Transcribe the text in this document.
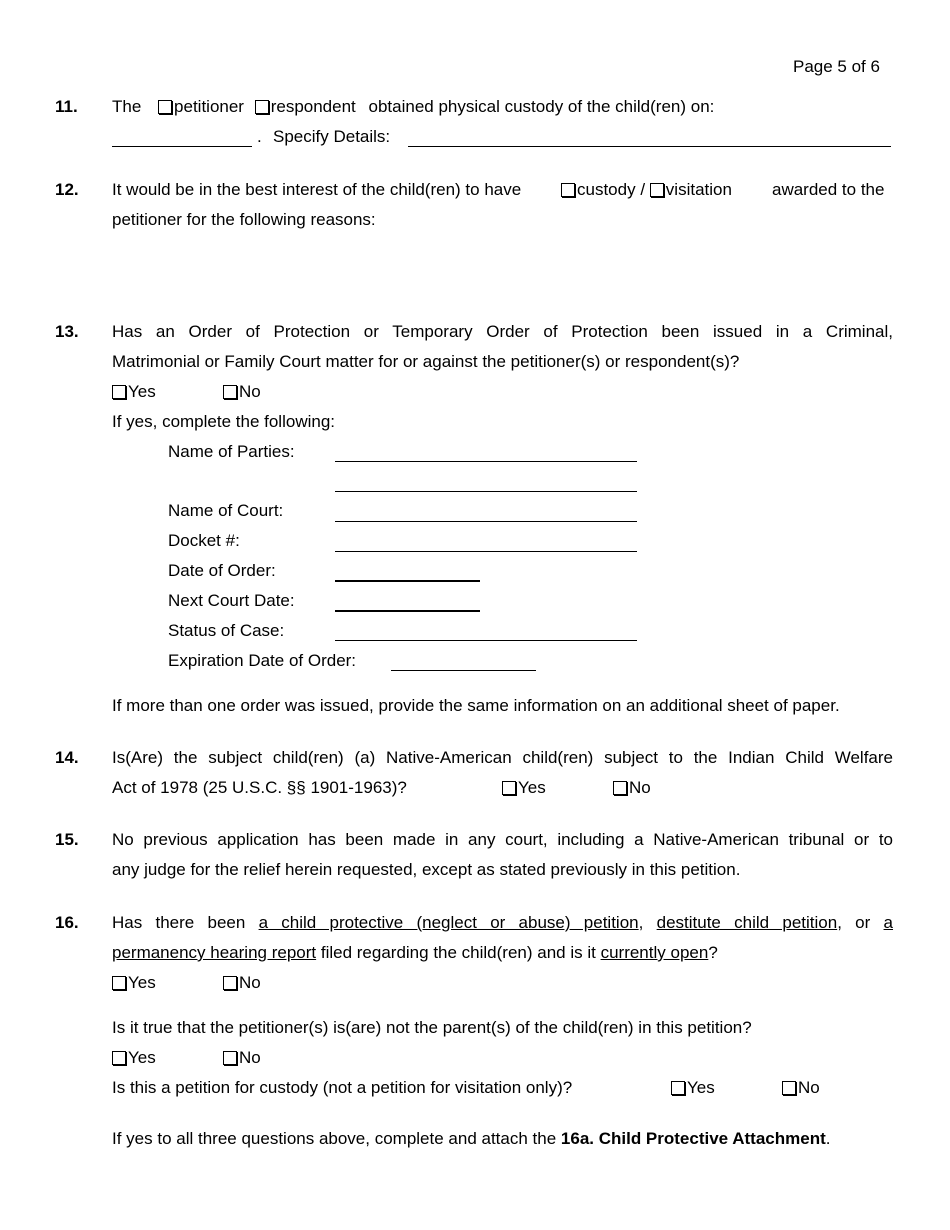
Page 5 of 6
11. The petitioner respondent obtained physical custody of the child(ren) on:
. Specify Details:
12. It would be in the best interest of the child(ren) to have	custody / visitation awarded to the
petitioner for the following reasons:
13. Has an Order of Protection or Temporary Order of Protection been issued in a Criminal,
Matrimonial or Family Court matter for or against the petitioner(s) or respondent(s)?
Yes	No
If yes, complete the following:
Name of Parties:
Name of Court:
Docket #:
Date of Order:
Next Court Date:
Status of Case:
Expiration Date of Order:
If more than one order was issued, provide the same information on an additional sheet of paper.
14. Is(Are) the subject child(ren) (a) Native-American child(ren) subject to the Indian Child Welfare
Act of 1978 (25 U.S.C. §§ 1901-1963)?	Yes	No
15. No previous application has been made in any court, including a Native-American tribunal or to
any judge for the relief herein requested, except as stated previously in this petition.
16. Has there been a child protective (neglect or abuse) petition, destitute child petition, or a
permanency hearing report filed regarding the child(ren) and is it currently open?
Yes	No
Is it true that the petitioner(s) is(are) not the parent(s) of the child(ren) in this petition?
Yes	No
Is this a petition for custody (not a petition for visitation only)?	Yes	No
If yes to all three questions above, complete and attach the 16a. Child Protective Attachment.
